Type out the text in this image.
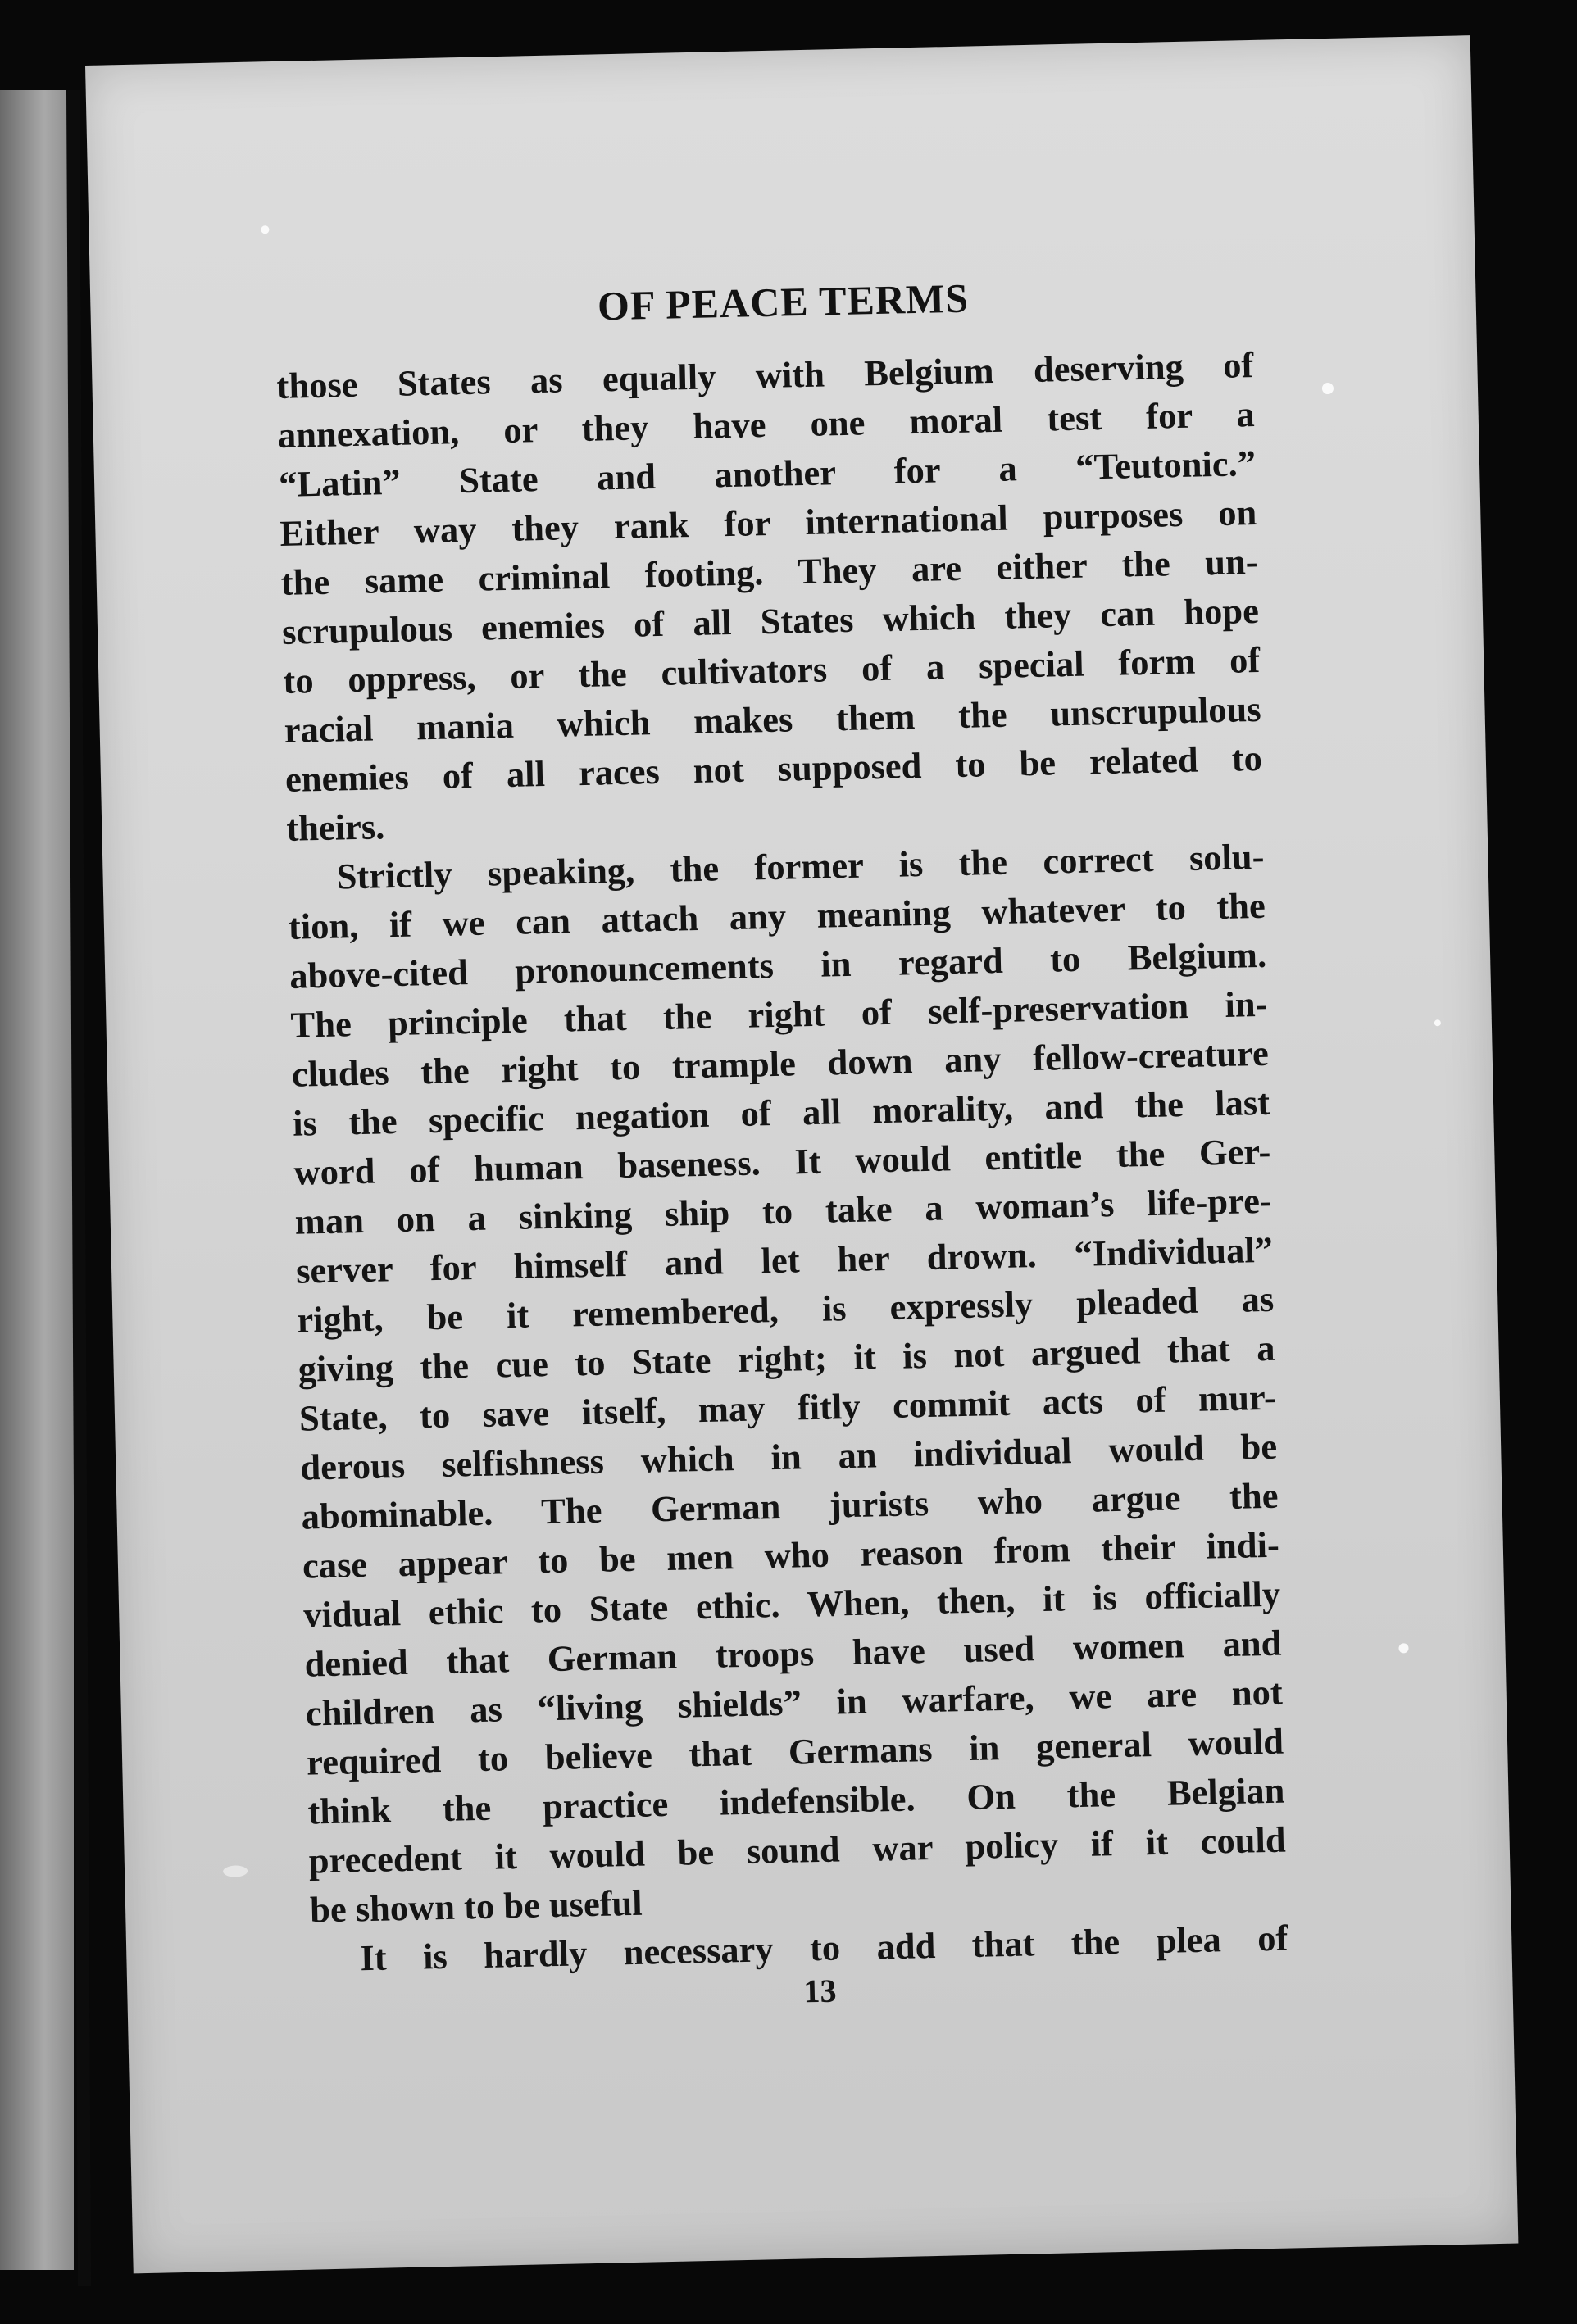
OF PEACE TERMS
those States as equally with Belgium deserving of
annexation, or they have one moral test for a
“Latin” State and another for a “Teutonic.”
Either way they rank for international purposes on
the same criminal footing. They are either the un-
scrupulous enemies of all States which they can hope
to oppress, or the cultivators of a special form of
racial mania which makes them the unscrupulous
enemies of all races not supposed to be related to
theirs.
Strictly speaking, the former is the correct solu-
tion, if we can attach any meaning whatever to the
above-cited pronouncements in regard to Belgium.
The principle that the right of self-preservation in-
cludes the right to trample down any fellow-creature
is the specific negation of all morality, and the last
word of human baseness. It would entitle the Ger-
man on a sinking ship to take a woman’s life-pre-
server for himself and let her drown. “Individual”
right, be it remembered, is expressly pleaded as
giving the cue to State right; it is not argued that a
State, to save itself, may fitly commit acts of mur-
derous selfishness which in an individual would be
abominable. The German jurists who argue the
case appear to be men who reason from their indi-
vidual ethic to State ethic. When, then, it is officially
denied that German troops have used women and
children as “living shields” in warfare, we are not
required to believe that Germans in general would
think the practice indefensible. On the Belgian
precedent it would be sound war policy if it could
be shown to be useful
It is hardly necessary to add that the plea of
13
